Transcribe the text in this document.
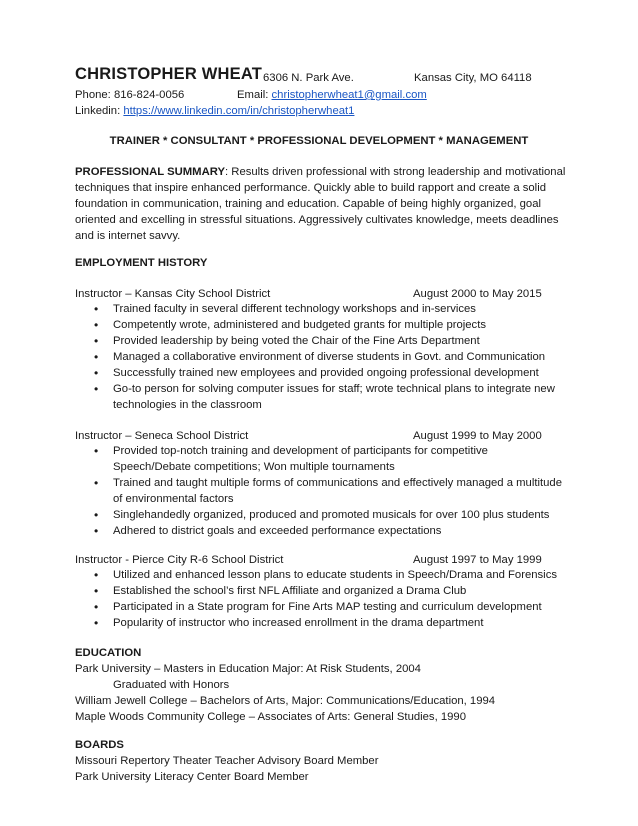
CHRISTOPHER WHEAT 6306 N. Park Ave.	Kansas City, MO 64118
Phone: 816-824-0056	Email: christopherwheat1@gmail.com
Linkedin: https://www.linkedin.com/in/christopherwheat1
TRAINER * CONSULTANT * PROFESSIONAL DEVELOPMENT * MANAGEMENT
PROFESSIONAL SUMMARY: Results driven professional with strong leadership and motivational techniques that inspire enhanced performance. Quickly able to build rapport and create a solid foundation in communication, training and education. Capable of being highly organized, goal oriented and excelling in stressful situations. Aggressively cultivates knowledge, meets deadlines and is internet savvy.
EMPLOYMENT HISTORY
Instructor – Kansas City School District	August 2000 to May 2015
• Trained faculty in several different technology workshops and in-services
• Competently wrote, administered and budgeted grants for multiple projects
• Provided leadership by being voted the Chair of the Fine Arts Department
• Managed a collaborative environment of diverse students in Govt. and Communication
• Successfully trained new employees and provided ongoing professional development
• Go-to person for solving computer issues for staff; wrote technical plans to integrate new technologies in the classroom
Instructor – Seneca School District	August 1999 to May 2000
• Provided top-notch training and development of participants for competitive Speech/Debate competitions; Won multiple tournaments
• Trained and taught multiple forms of communications and effectively managed a multitude of environmental factors
• Singlehandedly organized, produced and promoted musicals for over 100 plus students
• Adhered to district goals and exceeded performance expectations
Instructor - Pierce City R-6 School District	August 1997 to May 1999
• Utilized and enhanced lesson plans to educate students in Speech/Drama and Forensics
• Established the school’s first NFL Affiliate and organized a Drama Club
• Participated in a State program for Fine Arts MAP testing and curriculum development
• Popularity of instructor who increased enrollment in the drama department
EDUCATION
Park University – Masters in Education Major: At Risk Students, 2004
Graduated with Honors
William Jewell College – Bachelors of Arts, Major: Communications/Education, 1994
Maple Woods Community College – Associates of Arts: General Studies, 1990
BOARDS
Missouri Repertory Theater Teacher Advisory Board Member
Park University Literacy Center Board Member
